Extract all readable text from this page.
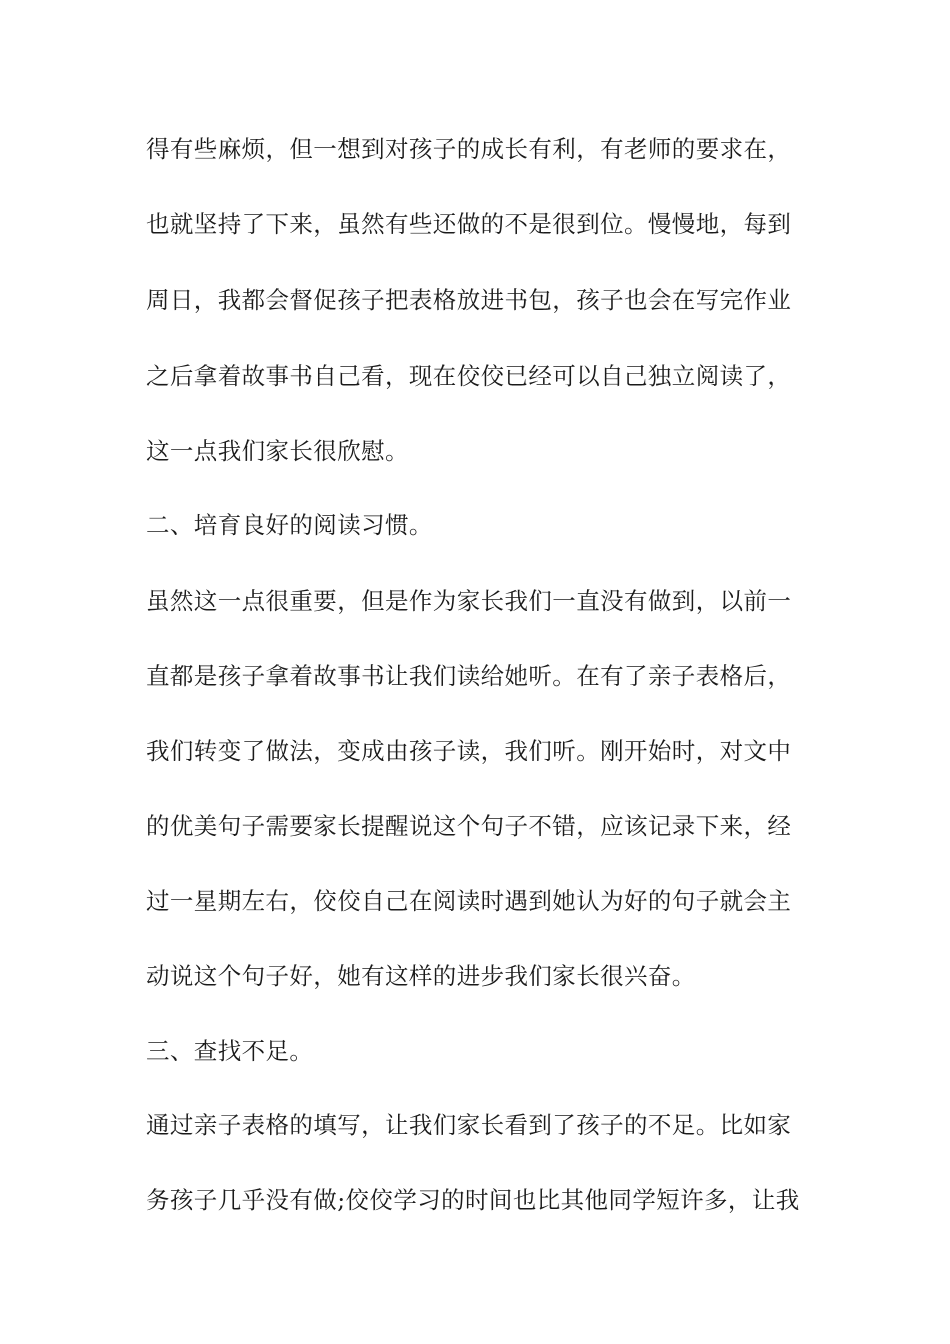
得有些麻烦，但一想到对孩子的成长有利，有老师的要求在，
也就坚持了下来，虽然有些还做的不是很到位。慢慢地，每到
周日，我都会督促孩子把表格放进书包，孩子也会在写完作业
之后拿着故事书自己看，现在佼佼已经可以自己独立阅读了，
这一点我们家长很欣慰。
二、培育良好的阅读习惯。
虽然这一点很重要，但是作为家长我们一直没有做到，以前一
直都是孩子拿着故事书让我们读给她听。在有了亲子表格后，
我们转变了做法，变成由孩子读，我们听。刚开始时，对文中
的优美句子需要家长提醒说这个句子不错，应该记录下来，经
过一星期左右，佼佼自己在阅读时遇到她认为好的句子就会主
动说这个句子好，她有这样的进步我们家长很兴奋。
三、查找不足。
通过亲子表格的填写，让我们家长看到了孩子的不足。比如家
务孩子几乎没有做;佼佼学习的时间也比其他同学短许多，让我
